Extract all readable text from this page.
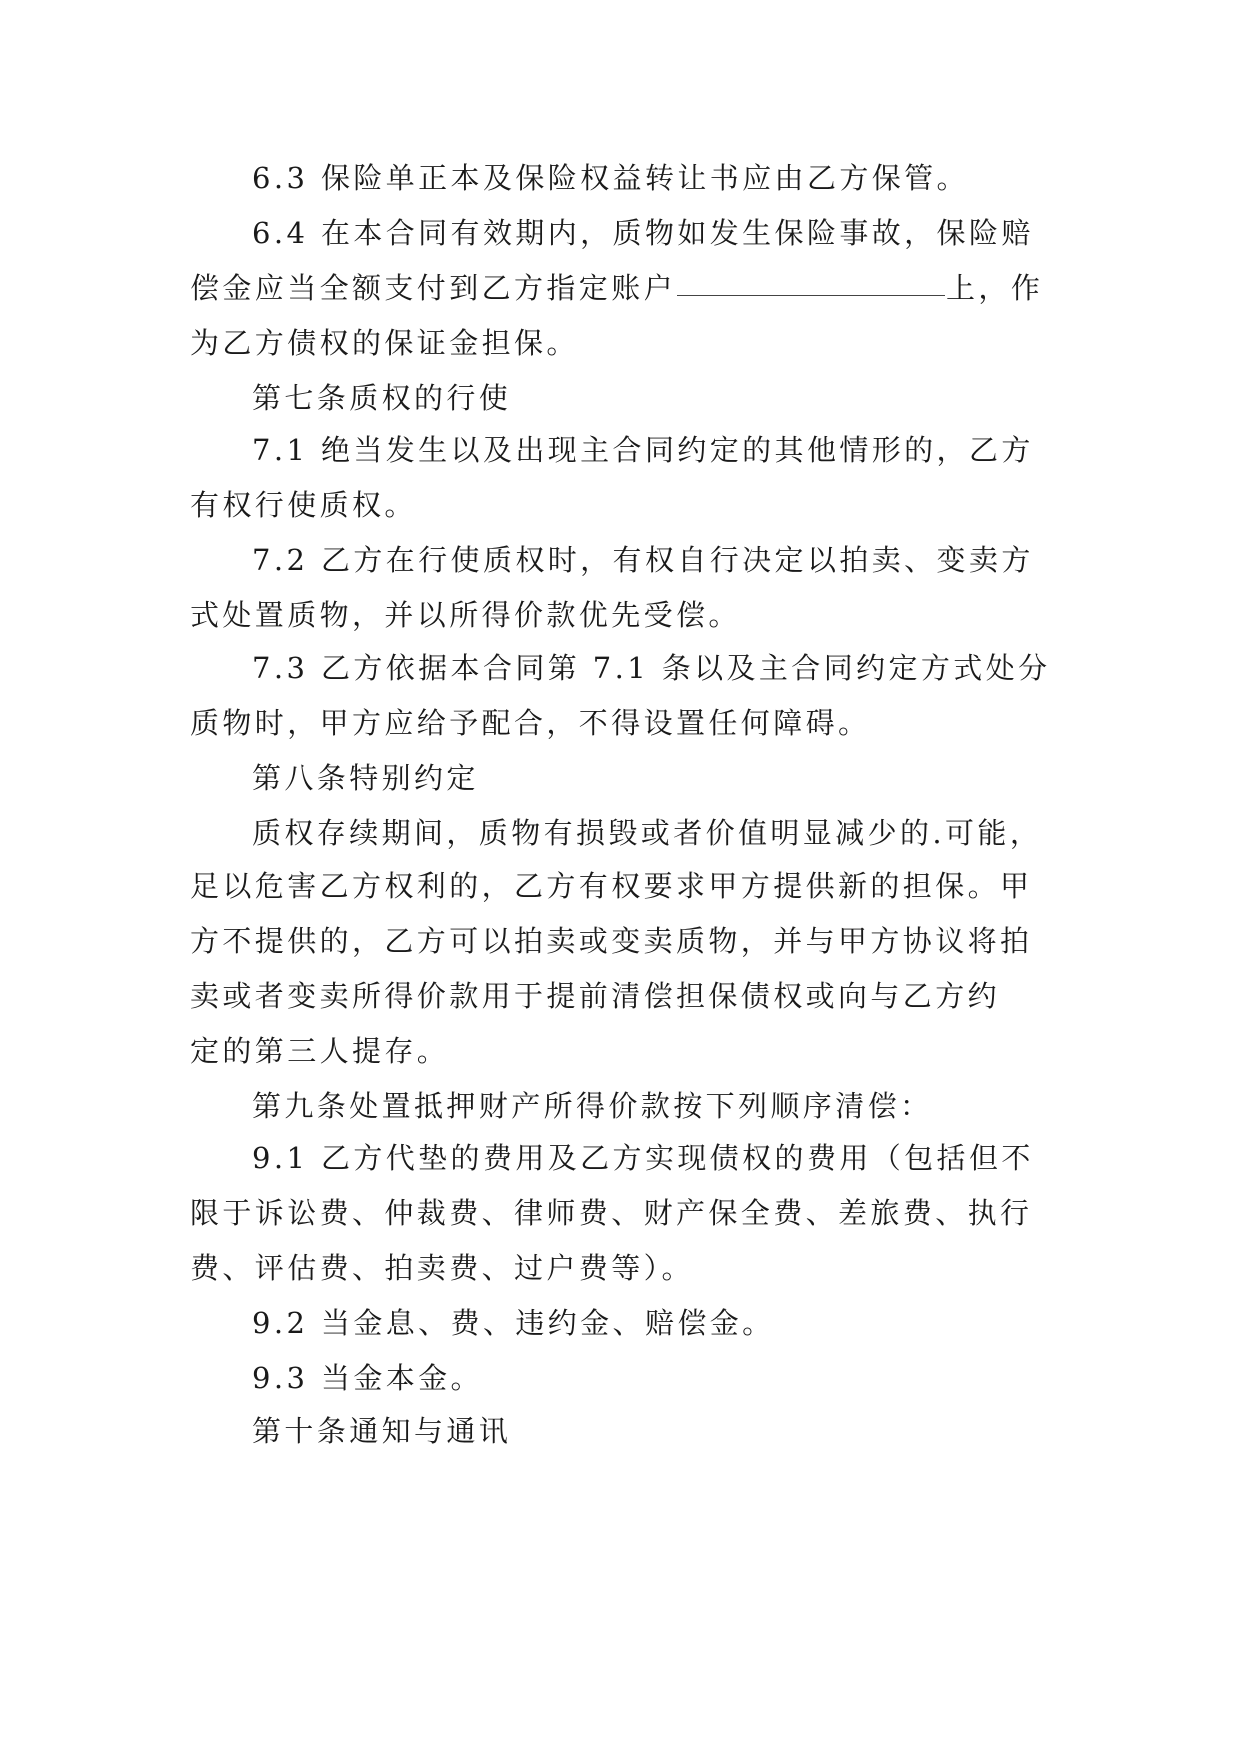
6.3 保险单正本及保险权益转让书应由乙方保管。
6.4 在本合同有效期内，质物如发生保险事故，保险赔
偿金应当全额支付到乙方指定账户	上，作
为乙方债权的保证金担保。
第七条质权的行使
7.1 绝当发生以及出现主合同约定的其他情形的，乙方
有权行使质权。
7.2 乙方在行使质权时，有权自行决定以拍卖、变卖方
式处置质物，并以所得价款优先受偿。
7.3 乙方依据本合同第 7.1 条以及主合同约定方式处分
质物时，甲方应给予配合，不得设置任何障碍。
第八条特别约定
质权存续期间，质物有损毁或者价值明显减少的.可能，
足以危害乙方权利的，乙方有权要求甲方提供新的担保。甲
方不提供的，乙方可以拍卖或变卖质物，并与甲方协议将拍
卖或者变卖所得价款用于提前清偿担保债权或向与乙方约
定的第三人提存。
第九条处置抵押财产所得价款按下列顺序清偿：
9.1 乙方代垫的费用及乙方实现债权的费用（包括但不
限于诉讼费、仲裁费、律师费、财产保全费、差旅费、执行
费、评估费、拍卖费、过户费等）。
9.2 当金息、费、违约金、赔偿金。
9.3 当金本金。
第十条通知与通讯
